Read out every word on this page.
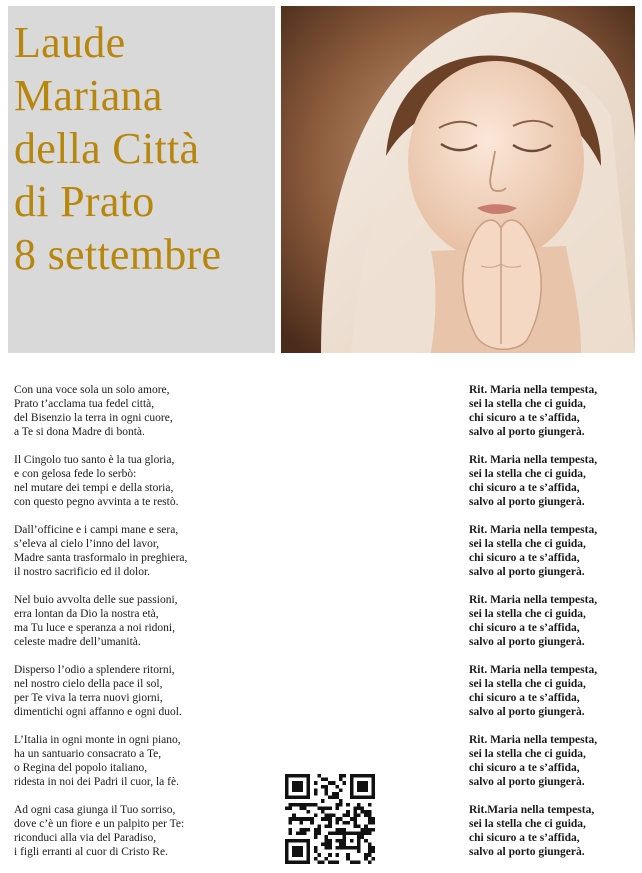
Laude
Mariana
della Città
di Prato
8 settembre
Con una voce sola un solo amore,
Prato t’acclama tua fedel città,
del Bisenzio la terra in ogni cuore,
a Te si dona Madre di bontà.
Il Cingolo tuo santo è la tua gloria,
e con gelosa fede lo serbò:
nel mutare dei tempi e della storia,
con questo pegno avvinta a te restò.
Dall’officine e i campi mane e sera,
s’eleva al cielo l’inno del lavor,
Madre santa trasformalo in preghiera,
il nostro sacrificio ed il dolor.
Nel buio avvolta delle sue passioni,
erra lontan da Dio la nostra età,
ma Tu luce e speranza a noi ridoni,
celeste madre dell’umanità.
Disperso l’odio a splendere ritorni,
nel nostro cielo della pace il sol,
per Te viva la terra nuovi giorni,
dimentichi ogni affanno e ogni duol.
L’Italia in ogni monte in ogni piano,
ha un santuario consacrato a Te,
o Regina del popolo italiano,
ridesta in noi dei Padri il cuor, la fè.
Ad ogni casa giunga il Tuo sorriso,
dove c’è un fiore e un palpito per Te:
riconduci alla via del Paradiso,
i figli erranti al cuor di Cristo Re.
Rit. Maria nella tempesta,
sei la stella che ci guida,
chi sicuro a te s’affida,
salvo al porto giungerà.
Rit. Maria nella tempesta,
sei la stella che ci guida,
chi sicuro a te s’affida,
salvo al porto giungerà.
Rit. Maria nella tempesta,
sei la stella che ci guida,
chi sicuro a te s’affida,
salvo al porto giungerà.
Rit. Maria nella tempesta,
sei la stella che ci guida,
chi sicuro a te s’affida,
salvo al porto giungerà.
Rit. Maria nella tempesta,
sei la stella che ci guida,
chi sicuro a te s’affida,
salvo al porto giungerà.
Rit. Maria nella tempesta,
sei la stella che ci guida,
chi sicuro a te s’affida,
salvo al porto giungerà.
Rit.Maria nella tempesta,
sei la stella che ci guida,
chi sicuro a te s’affida,
salvo al porto giungerà.
